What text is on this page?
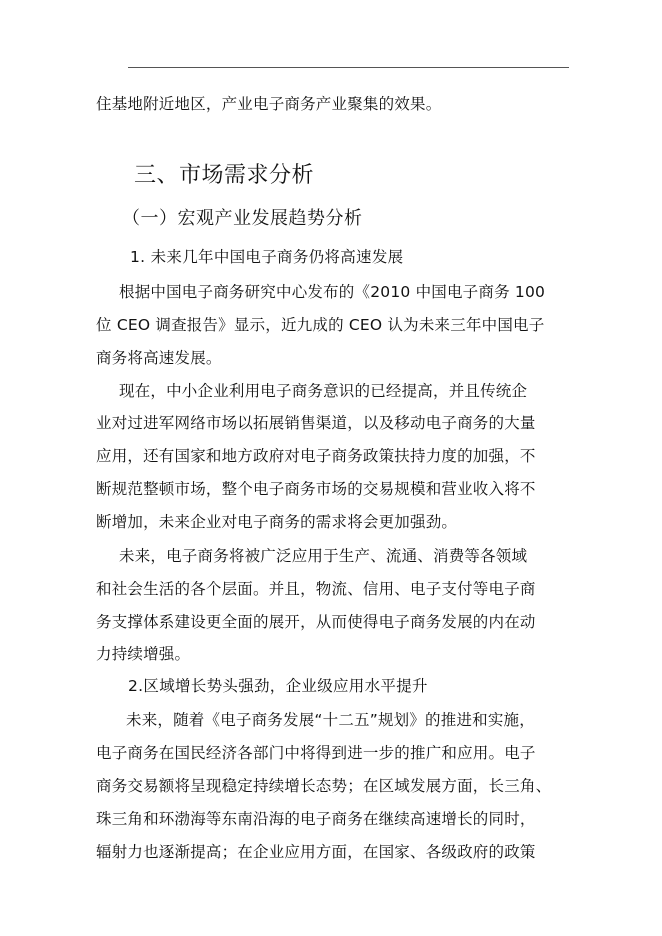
住基地附近地区，产业电子商务产业聚集的效果。
三、市场需求分析
（一）宏观产业发展趋势分析
1. 未来几年中国电子商务仍将高速发展
根据中国电子商务研究中心发布的《2010 中国电子商务 100
位 CEO 调查报告》显示，近九成的 CEO 认为未来三年中国电子
商务将高速发展。
现在，中小企业利用电子商务意识的已经提高，并且传统企
业对过进军网络市场以拓展销售渠道，以及移动电子商务的大量
应用，还有国家和地方政府对电子商务政策扶持力度的加强，不
断规范整顿市场，整个电子商务市场的交易规模和营业收入将不
断增加，未来企业对电子商务的需求将会更加强劲。
未来，电子商务将被广泛应用于生产、流通、消费等各领域
和社会生活的各个层面。并且，物流、信用、电子支付等电子商
务支撑体系建设更全面的展开，从而使得电子商务发展的内在动
力持续增强。
2.区域增长势头强劲，企业级应用水平提升
未来，随着《电子商务发展“十二五”规划》的推进和实施，
电子商务在国民经济各部门中将得到进一步的推广和应用。电子
商务交易额将呈现稳定持续增长态势；在区域发展方面，长三角、
珠三角和环渤海等东南沿海的电子商务在继续高速增长的同时，
辐射力也逐渐提高；在企业应用方面，在国家、各级政府的政策
